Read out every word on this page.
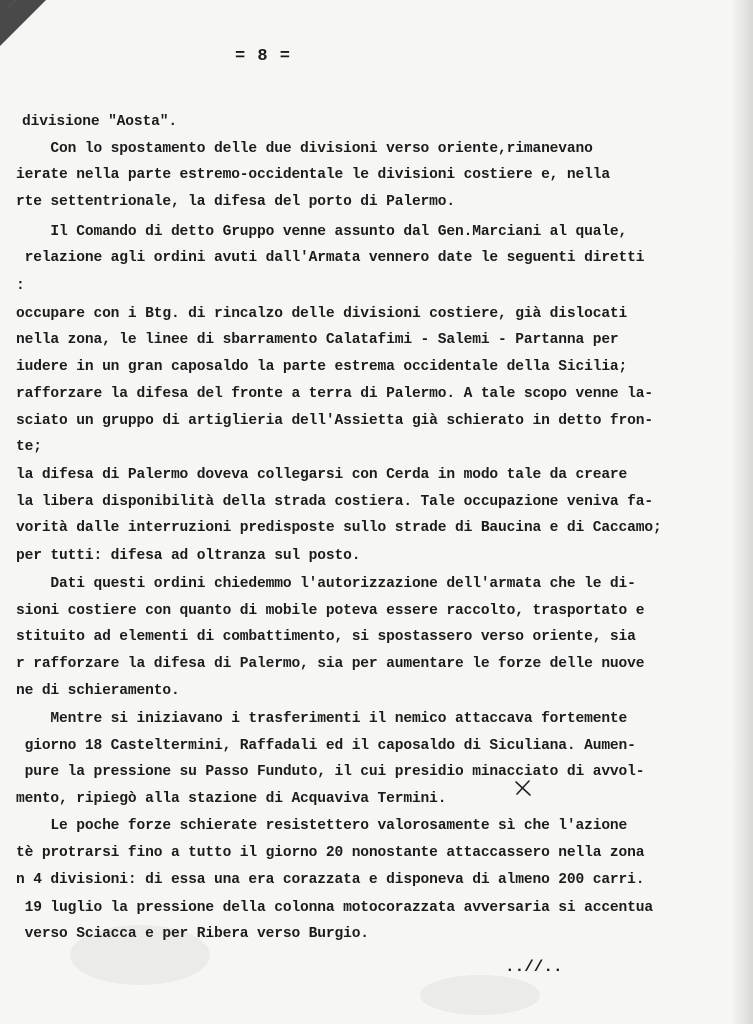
= 8 =
divisione "Aosta".
Con lo spostamento delle due divisioni verso oriente,rimanevano
ierate nella parte estremo-occidentale le divisioni costiere e, nella
rte settentrionale, la difesa del porto di Palermo.
Il Comando di detto Gruppo venne assunto dal Gen.Marciani al quale,
relazione agli ordini avuti dall'Armata vennero date le seguenti diretti
:
occupare con i Btg. di rincalzo delle divisioni costiere, già dislocati
nella zona, le linee di sbarramento Calatafimi - Salemi - Partanna per
iudere in un gran caposaldo la parte estrema occidentale della Sicilia;
rafforzare la difesa del fronte a terra di Palermo. A tale scopo venne la-
sciato un gruppo di artiglieria dell'Assietta già schierato in detto fron-
te;
la difesa di Palermo doveva collegarsi con Cerda in modo tale da creare
la libera disponibilità della strada costiera. Tale occupazione veniva fa-
vorità dalle interruzioni predisposte sullo strade di Baucina e di Caccamo;
per tutti: difesa ad oltranza sul posto.
Dati questi ordini chiedemmo l'autorizzazione dell'armata che le di-
sioni costiere con quanto di mobile poteva essere raccolto, trasportato e
stituito ad elementi di combattimento, si spostassero verso oriente, sia
r rafforzare la difesa di Palermo, sia per aumentare le forze delle nuove
ne di schieramento.
Mentre si iniziavano i trasferimenti il nemico attaccava fortemente
giorno 18 Casteltermini, Raffadali ed il caposaldo di Siculiana. Aumen-
pure la pressione su Passo Funduto, il cui presidio minacciato di avvol-
mento, ripiegò alla stazione di Acquaviva Termini.
Le poche forze schierate resistettero valorosamente sì che l'azione
tè protrarsi fino a tutto il giorno 20 nonostante attaccassero nella zona
n 4 divisioni: di essa una era corazzata e disponeva di almeno 200 carri.
19 luglio la pressione della colonna motocorazzata avversaria si accentua
verso Sciacca e per Ribera verso Burgio.
..//..
